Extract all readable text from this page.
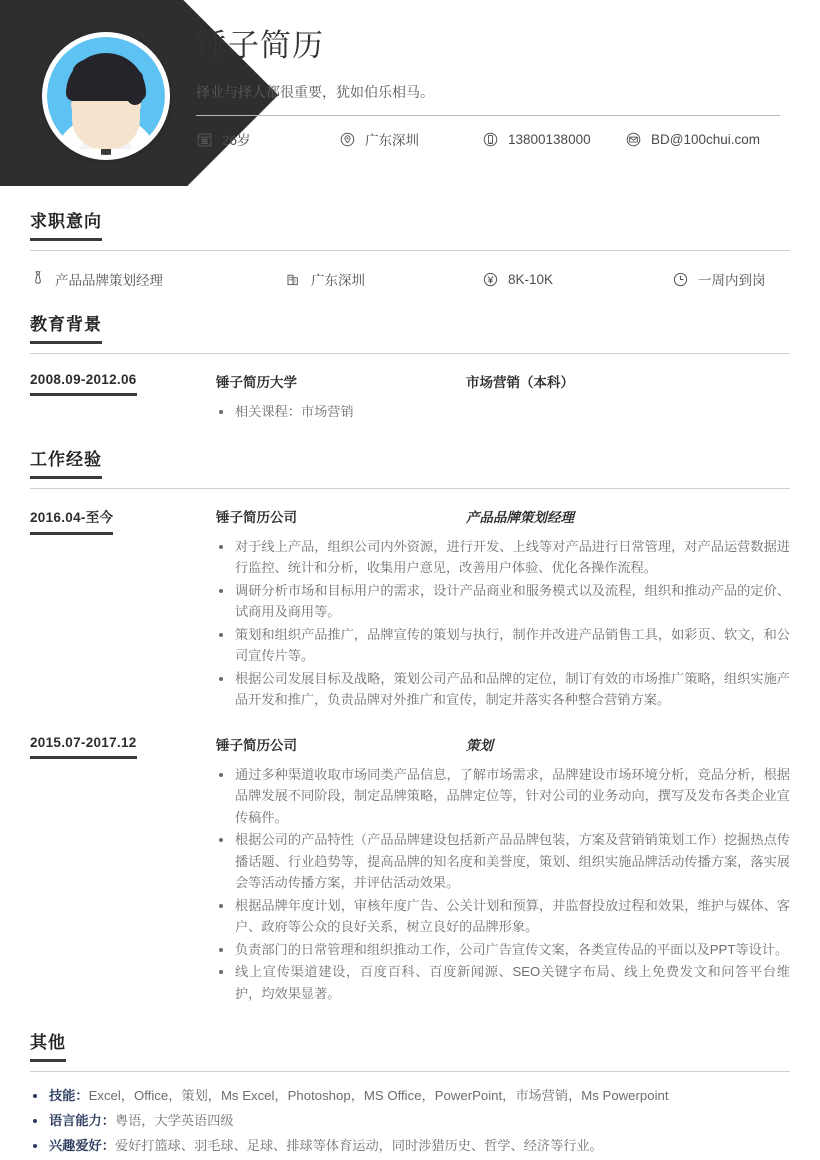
锤子简历
择业与择人都很重要，犹如伯乐相马。
26岁	广东深圳	13800138000	BD@100chui.com
求职意向
产品品牌策划经理	广东深圳	8K-10K	一周内到岗
教育背景
2008.09-2012.06	锤子简历大学	市场营销（本科）
相关课程：市场营销
工作经验
2016.04-至今	锤子简历公司	产品品牌策划经理
对于线上产品，组织公司内外资源，进行开发、上线等对产品进行日常管理，对产品运营数据进行监控、统计和分析，收集用户意见，改善用户体验、优化各操作流程。
调研分析市场和目标用户的需求，设计产品商业和服务模式以及流程，组织和推动产品的定价、试商用及商用等。
策划和组织产品推广，品牌宣传的策划与执行，制作并改进产品销售工具，如彩页、软文，和公司宣传片等。
根据公司发展目标及战略，策划公司产品和品牌的定位，制订有效的市场推广策略，组织实施产品开发和推广，负责品牌对外推广和宣传，制定并落实各种整合营销方案。
2015.07-2017.12	锤子简历公司	策划
通过多种渠道收取市场同类产品信息，了解市场需求，品牌建设市场环境分析，竞品分析，根据品牌发展不同阶段，制定品牌策略，品牌定位等，针对公司的业务动向，撰写及发布各类企业宣传稿件。
根据公司的产品特性（产品品牌建设包括新产品品牌包装，方案及营销销策划工作）挖掘热点传播话题、行业趋势等，提高品牌的知名度和美誉度，策划、组织实施品牌活动传播方案，落实展会等活动传播方案，并评估活动效果。
根据品牌年度计划，审核年度广告、公关计划和预算，并监督投放过程和效果，维护与媒体、客户、政府等公众的良好关系，树立良好的品牌形象。
负责部门的日常管理和组织推动工作，公司广告宣传文案，各类宣传品的平面以及PPT等设计。
线上宣传渠道建设，百度百科、百度新闻源、SEO关键字布局、线上免费发文和问答平台维护，均效果显著。
其他
技能：Excel，Office，策划，Ms Excel，Photoshop，MS Office，PowerPoint，市场营销，Ms Powerpoint
语言能力：粤语，大学英语四级
兴趣爱好：爱好打篮球、羽毛球、足球、排球等体育运动，同时涉猎历史、哲学、经济等行业。
